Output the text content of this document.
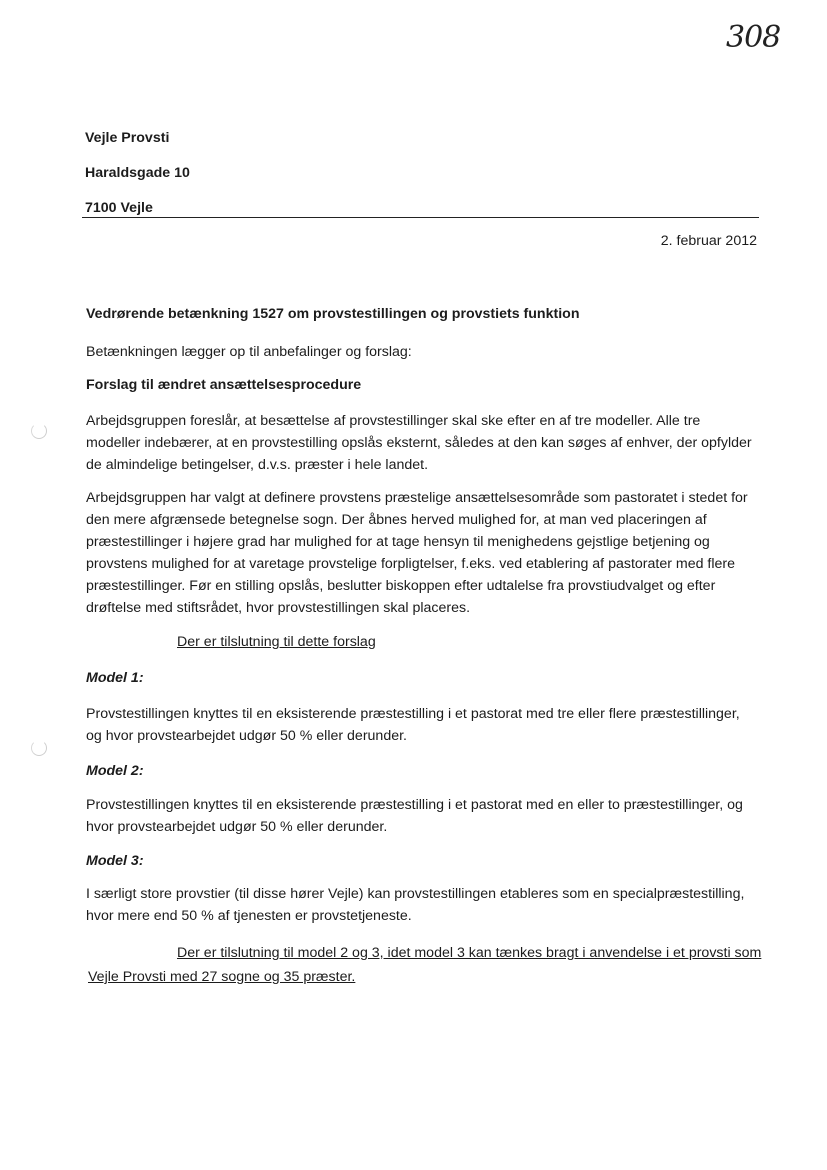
308
Vejle Provsti
Haraldsgade 10
7100 Vejle
2. februar 2012
Vedrørende betænkning 1527 om provstestillingen og provstiets funktion
Betænkningen lægger op til anbefalinger og forslag:
Forslag til ændret ansættelsesprocedure
Arbejdsgruppen foreslår, at besættelse af provstestillinger skal ske efter en af tre modeller. Alle tre modeller indebærer, at en provstestilling opslås eksternt, således at den kan søges af enhver, der opfylder de almindelige betingelser, d.v.s. præster i hele landet.
Arbejdsgruppen har valgt at definere provstens præstelige ansættelsesområde som pastoratet i stedet for den mere afgrænsede betegnelse sogn. Der åbnes herved mulighed for, at man ved placeringen af præstestillinger i højere grad har mulighed for at tage hensyn til menighedens gejstlige betjening og provstens mulighed for at varetage provstelige forpligtelser, f.eks. ved etablering af pastorater med flere præstestillinger. Før en stilling opslås, beslutter biskoppen efter udtalelse fra provstiudvalget og efter drøftelse med stiftsrådet, hvor provstestillingen skal placeres.
Der er tilslutning til dette forslag
Model 1:
Provstestillingen knyttes til en eksisterende præstestilling i et pastorat med tre eller flere præstestillinger, og hvor provstearbejdet udgør 50 % eller derunder.
Model 2:
Provstestillingen knyttes til en eksisterende præstestilling i et pastorat med en eller to præstestillinger, og hvor provstearbejdet udgør 50 % eller derunder.
Model 3:
I særligt store provstier (til disse hører Vejle) kan provstestillingen etableres som en specialpræstestilling, hvor mere end 50 % af tjenesten er provstetjeneste.
Der er tilslutning til model 2 og 3, idet model 3 kan tænkes bragt i anvendelse i et provsti som Vejle Provsti med 27 sogne og 35 præster.
